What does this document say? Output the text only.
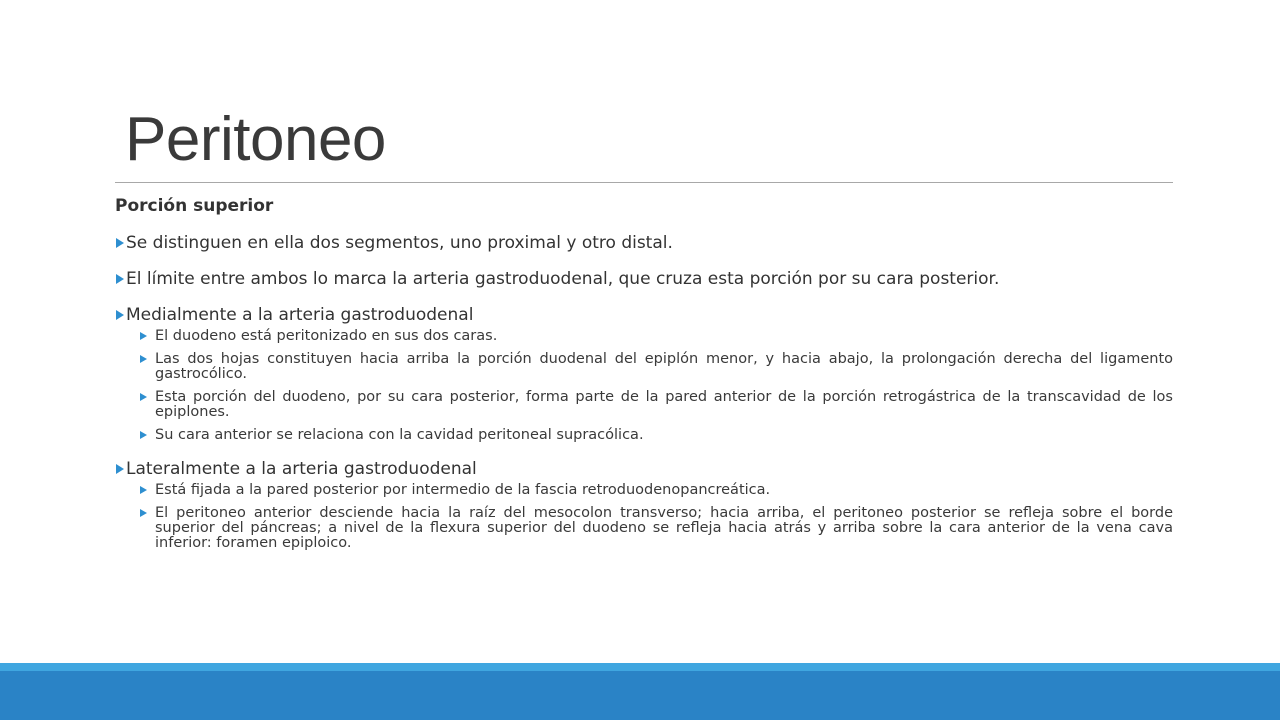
Peritoneo
Porción superior
Se distinguen en ella dos segmentos, uno proximal y otro distal.
El límite entre ambos lo marca la arteria gastroduodenal, que cruza esta porción por su cara posterior.
Medialmente a la arteria gastroduodenal
El duodeno está peritonizado en sus dos caras.
Las dos hojas constituyen hacia arriba la porción duodenal del epiplón menor, y hacia abajo, la prolongación derecha del ligamento gastrocólico.
Esta porción del duodeno, por su cara posterior, forma parte de la pared anterior de la porción retrogástrica de la transcavidad de los epiplones.
Su cara anterior se relaciona con la cavidad peritoneal supracólica.
Lateralmente a la arteria gastroduodenal
Está fijada a la pared posterior por intermedio de la fascia retroduodenopancreática.
El peritoneo anterior desciende hacia la raíz del mesocolon transverso; hacia arriba, el peritoneo posterior se refleja sobre el borde superior del páncreas; a nivel de la flexura superior del duodeno se refleja hacia atrás y arriba sobre la cara anterior de la vena cava inferior: foramen epiploico.
